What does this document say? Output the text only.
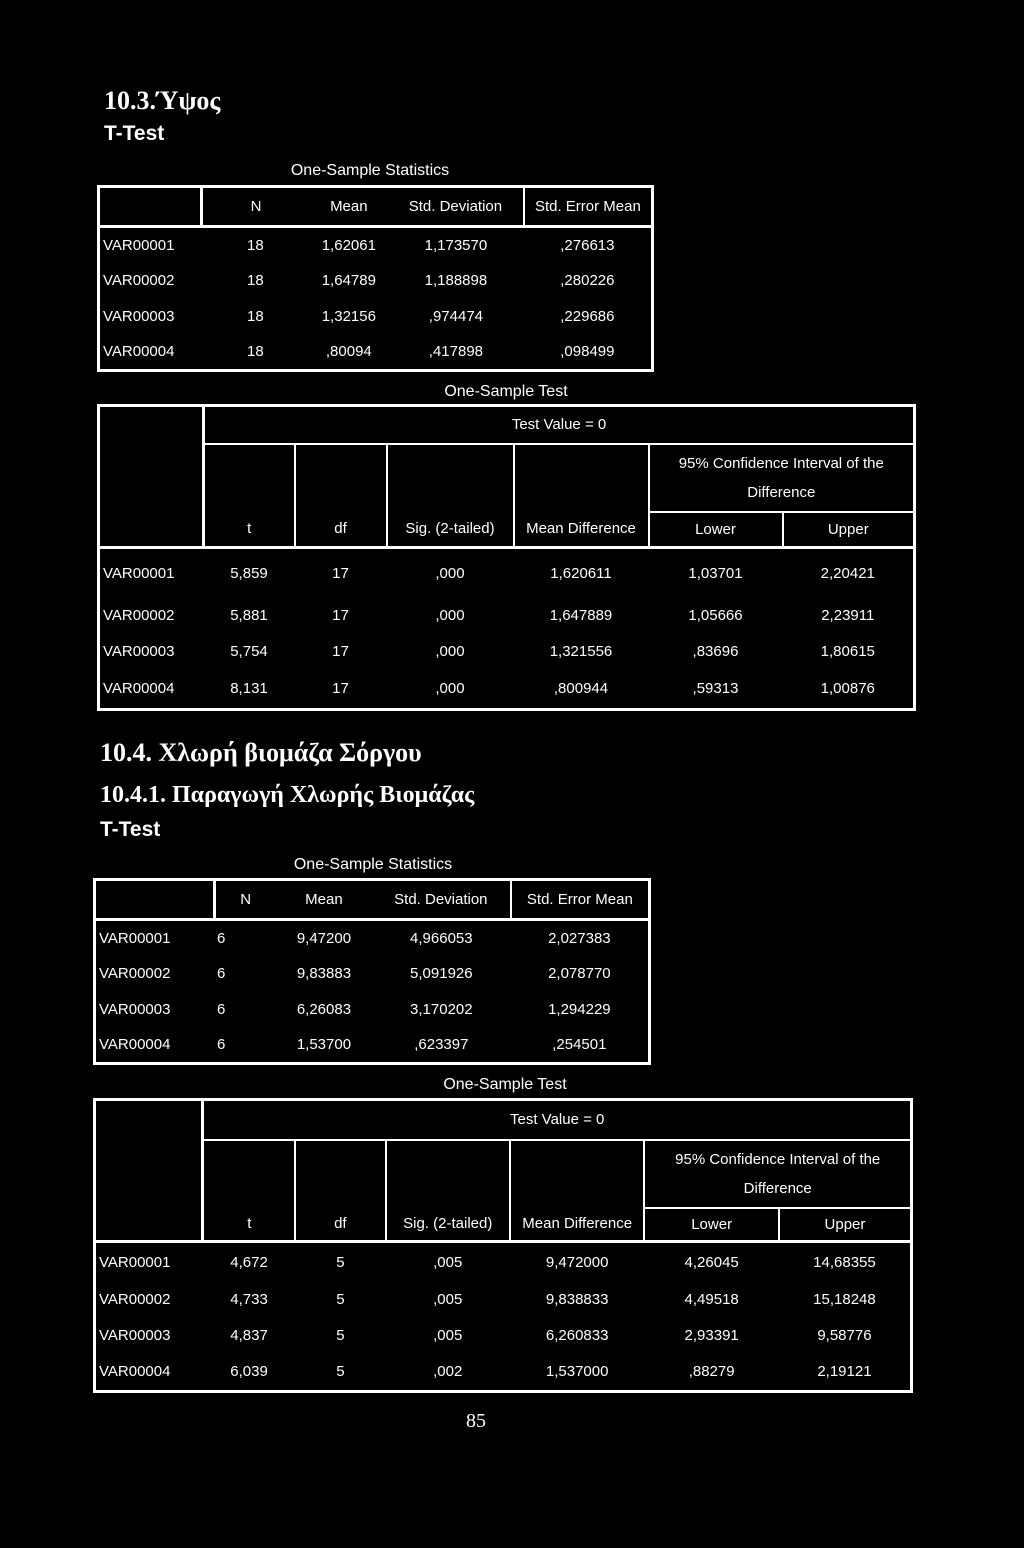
10.3.Ύψος
T-Test
One-Sample Statistics
	N	Mean	Std. Deviation	Std. Error Mean
VAR00001	18	1,62061	1,173570	,276613
VAR00002	18	1,64789	1,188898	,280226
VAR00003	18	1,32156	,974474	,229686
VAR00004	18	,80094	,417898	,098499
One-Sample Test
	Test Value = 0					

					95% Confidence Interval of the
Difference	

	t	df	Sig. (2-tailed)	Mean Difference	Lower	Upper
VAR00001	5,859	17	,000	1,620611	1,03701	2,20421
VAR00002	5,881	17	,000	1,647889	1,05666	2,23911
VAR00003	5,754	17	,000	1,321556	,83696	1,80615
VAR00004	8,131	17	,000	,800944	,59313	1,00876
10.4. Χλωρή βιομάζα Σόργου
10.4.1. Παραγωγή Χλωρής Βιομάζας
T-Test
One-Sample Statistics
	N	Mean	Std. Deviation	Std. Error Mean
VAR00001	6	9,47200	4,966053	2,027383
VAR00002	6	9,83883	5,091926	2,078770
VAR00003	6	6,26083	3,170202	1,294229
VAR00004	6	1,53700	,623397	,254501
One-Sample Test
	Test Value = 0					

					95% Confidence Interval of the
Difference	

	t	df	Sig. (2-tailed)	Mean Difference	Lower	Upper
VAR00001	4,672	5	,005	9,472000	4,26045	14,68355
VAR00002	4,733	5	,005	9,838833	4,49518	15,18248
VAR00003	4,837	5	,005	6,260833	2,93391	9,58776
VAR00004	6,039	5	,002	1,537000	,88279	2,19121
85
